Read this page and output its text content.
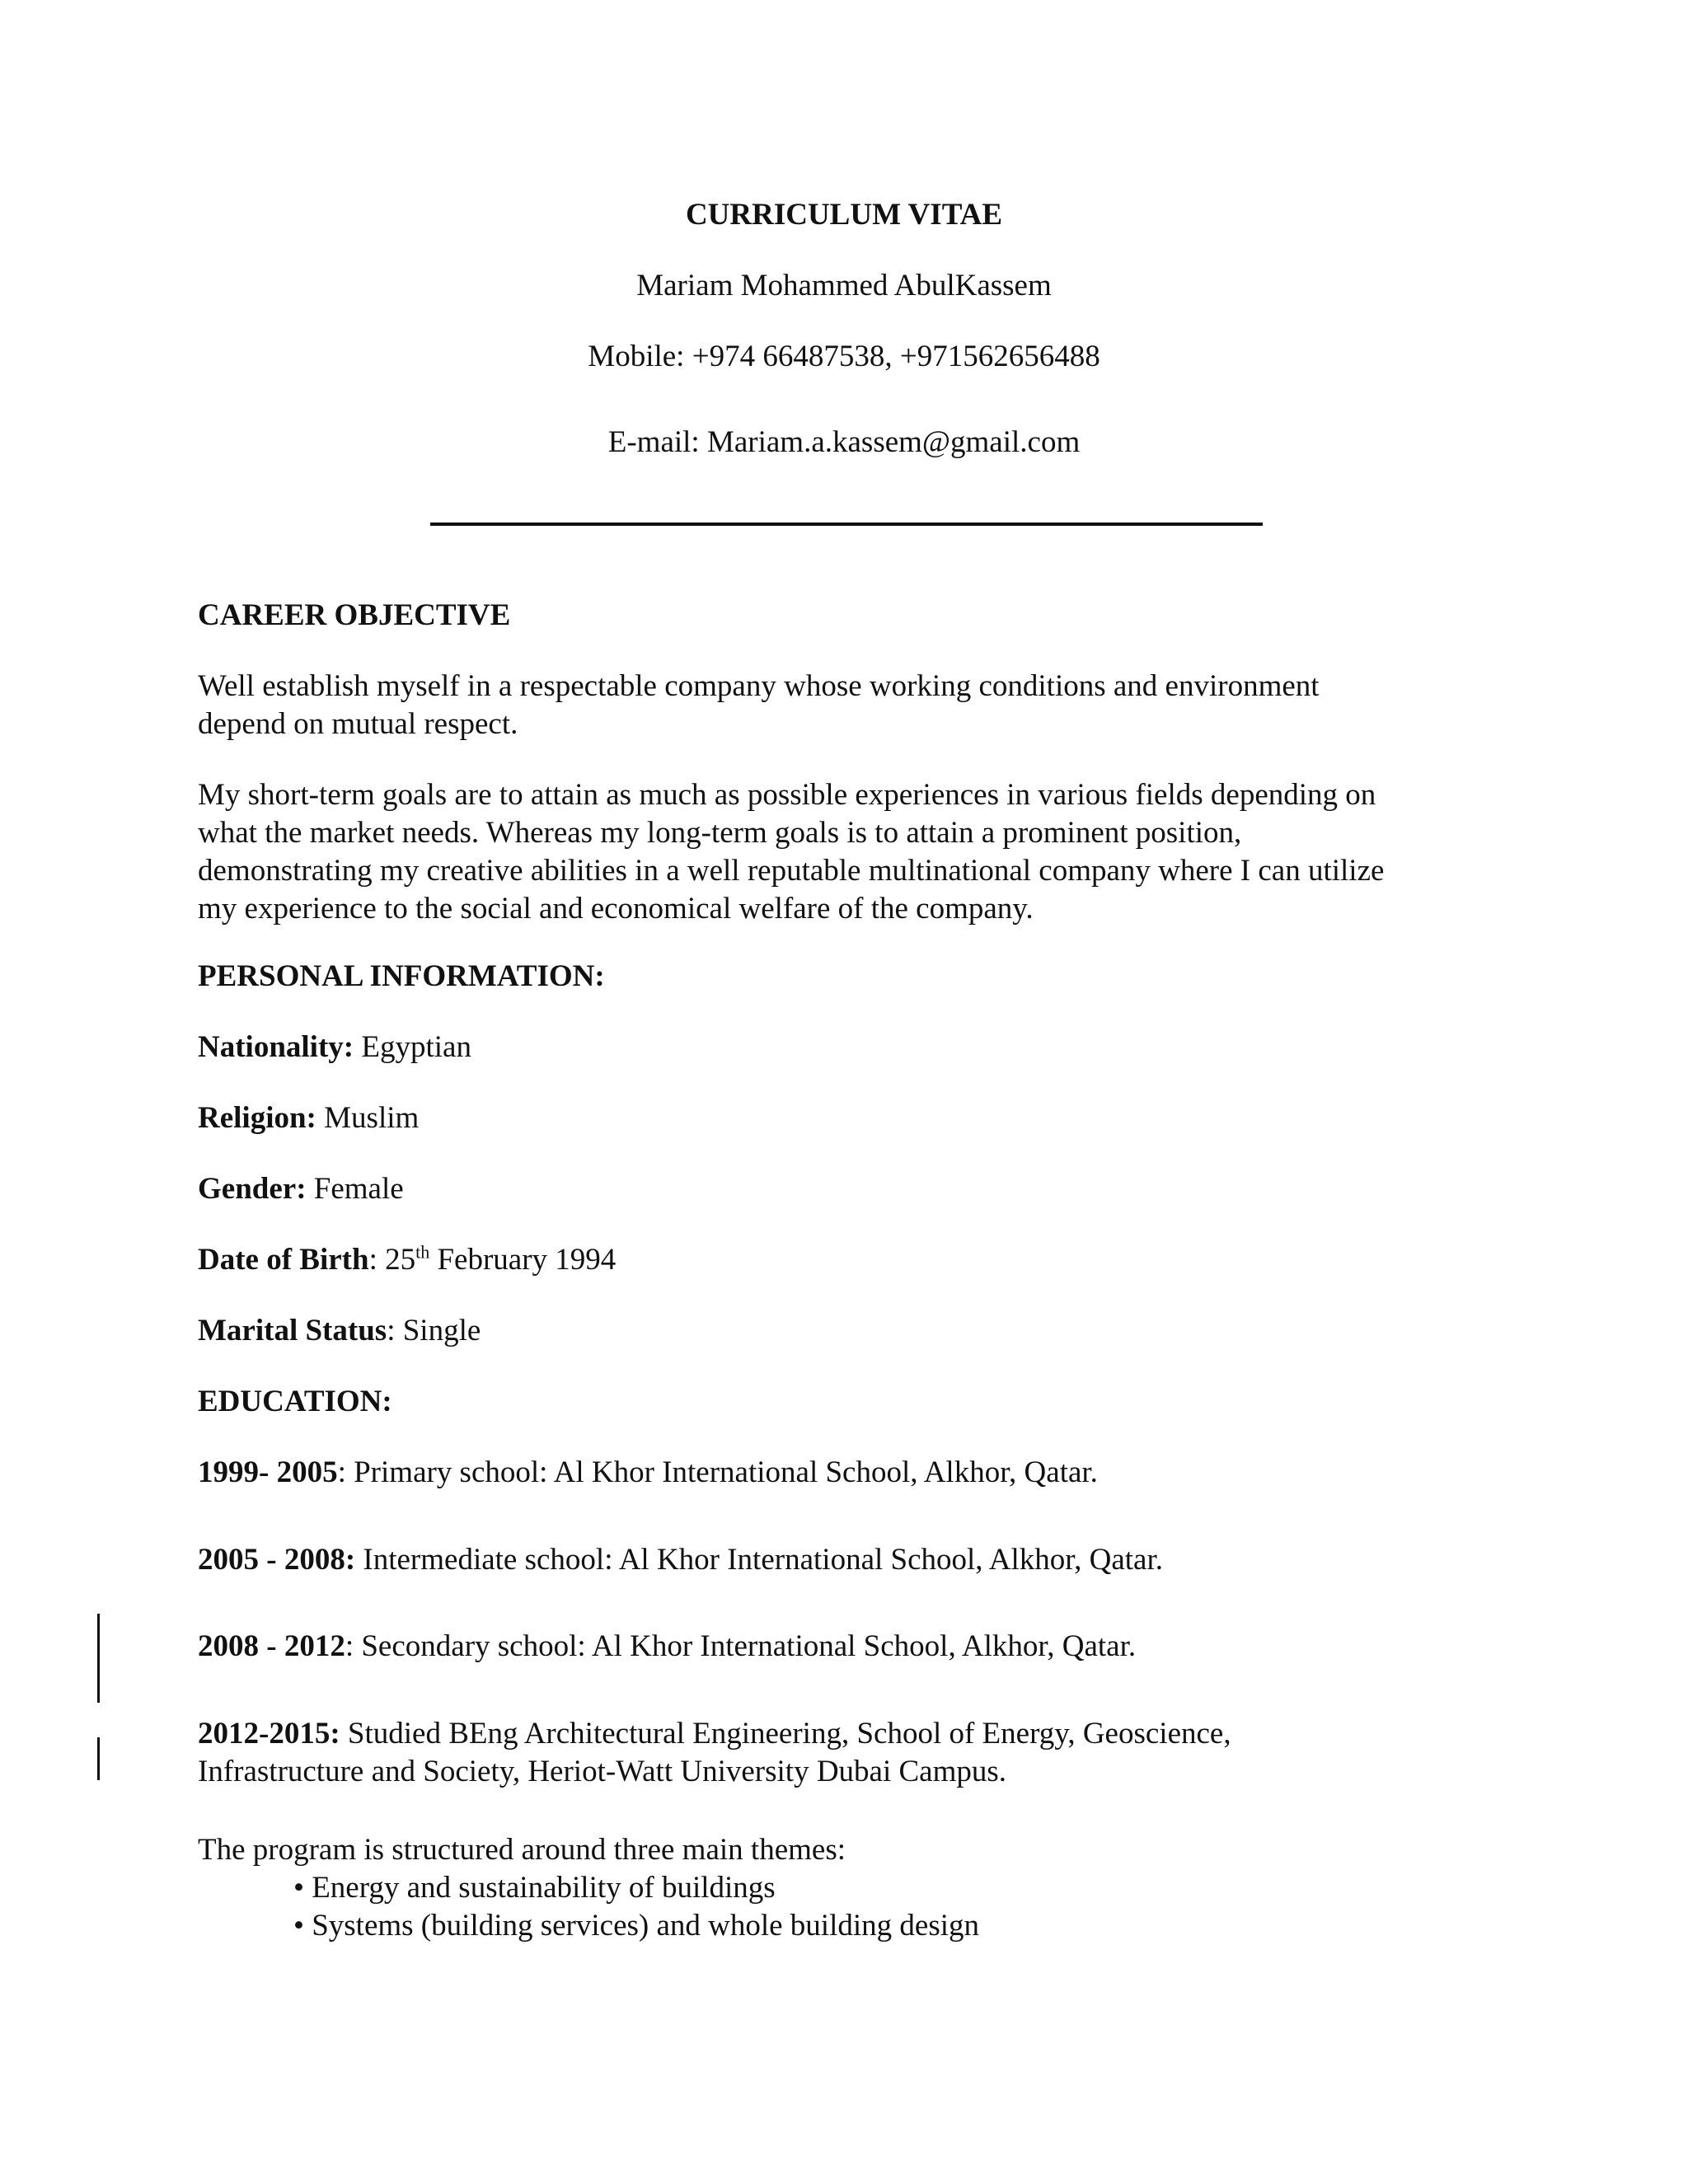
CURRICULUM VITAE
Mariam Mohammed AbulKassem
Mobile: +974 66487538, +971562656488
E-mail: Mariam.a.kassem@gmail.com
CAREER OBJECTIVE
Well establish myself in a respectable company whose working conditions and environment
depend on mutual respect.
My short-term goals are to attain as much as possible experiences in various fields depending on
what the market needs. Whereas my long-term goals is to attain a prominent position,
demonstrating my creative abilities in a well reputable multinational company where I can utilize
my experience to the social and economical welfare of the company.
PERSONAL INFORMATION:
Nationality: Egyptian
Religion: Muslim
Gender: Female
Date of Birth: 25th February 1994
Marital Status: Single
EDUCATION:
1999- 2005: Primary school: Al Khor International School, Alkhor, Qatar.
2005 - 2008: Intermediate school: Al Khor International School, Alkhor, Qatar.
2008 - 2012: Secondary school: Al Khor International School, Alkhor, Qatar.
2012-2015: Studied BEng Architectural Engineering, School of Energy, Geoscience,
Infrastructure and Society, Heriot-Watt University Dubai Campus.
The program is structured around three main themes:
• Energy and sustainability of buildings
• Systems (building services) and whole building design
